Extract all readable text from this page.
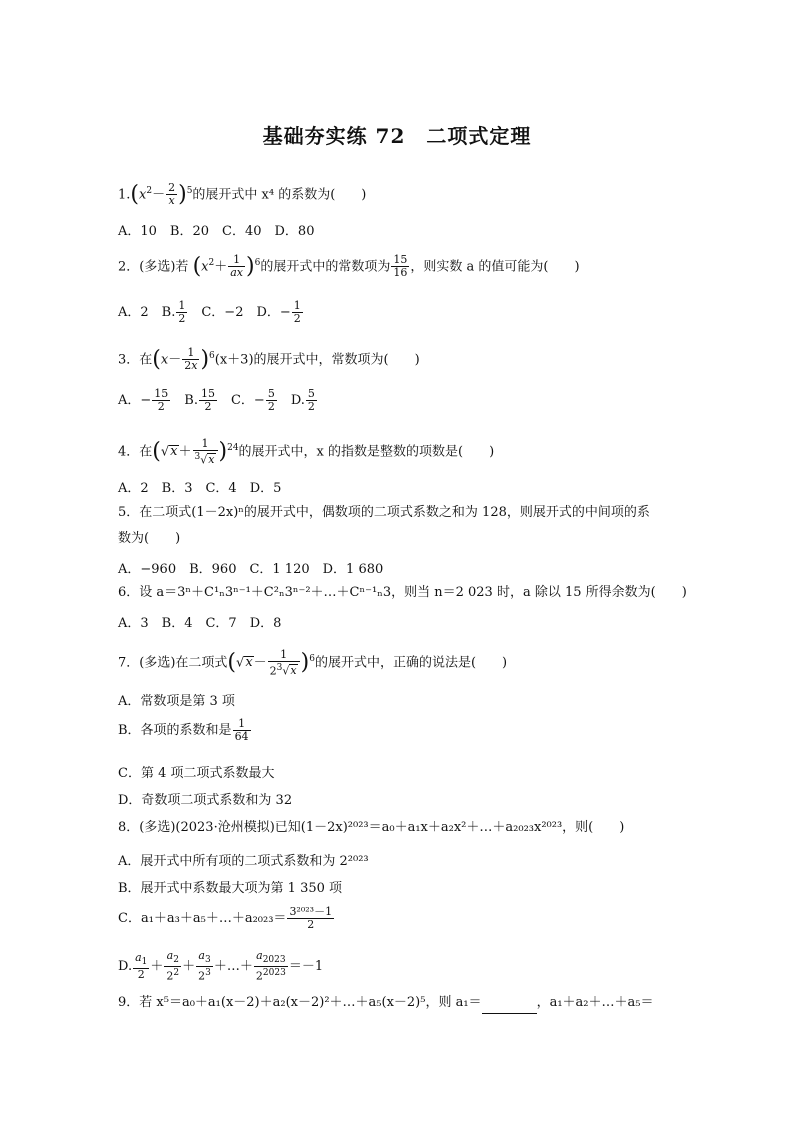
基础夯实练 72　二项式定理
$1.(x^2- \frac{2}{x} )^5$的展开式中 x⁴ 的系数为(　　)
A．10　B．20　C．40　D．80
2．(多选)若 $(x^2+ \frac{1}{ax} )^6$的展开式中的常数项为 $\frac{15}{16}$ ，则实数 a 的值可能为(　　)
A．2　B. $\frac{1}{2}$ 　C．−2　D．− $\frac{1}{2}$
3．在$(x- \frac{1}{2x} )^6(x+3)$的展开式中，常数项为(　　)
A．− $\frac{15}{2}$ 　B. $\frac{15}{2}$ 　C．− $\frac{5}{2}$ 　D. $\frac{5}{2}$
4．在$(√x+ \frac{1}{^3√x} )^{24}$的展开式中，x 的指数是整数的项数是(　　)
A．2　B．3　C．4　D．5
5．在二项式(1－2x)ⁿ的展开式中，偶数项的二项式系数之和为 128，则展开式的中间项的系
数为(　　)
A．−960　B．960　C．1 120　D．1 680
6．设 a＝3ⁿ＋C¹ₙ3ⁿ⁻¹＋C²ₙ3ⁿ⁻²＋…＋Cⁿ⁻¹ₙ3，则当 n＝2 023 时，a 除以 15 所得余数为(　　)
A．3　B．4　C．7　D．8
7．(多选)在二项式$(√x- \frac{1}{2^3√x} )^6$的展开式中，正确的说法是(　　)
A．常数项是第 3 项
B．各项的系数和是 $\frac{1}{64}$
C．第 4 项二项式系数最大
D．奇数项二项式系数和为 32
8．(多选)(2023·沧州模拟)已知(1－2x)²⁰²³＝a₀＋a₁x＋a₂x²＋…＋a₂₀₂₃x²⁰²³，则(　　)
A．展开式中所有项的二项式系数和为 2²⁰²³
B．展开式中系数最大项为第 1 350 项
C．a₁＋a₃＋a₅＋…＋a₂₀₂₃＝ $\frac{\text{3²⁰²³－1}}{2}$
D. $\frac{a_1}{2} + \frac{a_2}{2^2} + \frac{a_3}{2^3}$ ＋…＋ $\frac{a_{2023}}{2^{2023}} =-1$
9．若 x⁵＝a₀＋a₁(x－2)＋a₂(x－2)²＋…＋a₅(x－2)⁵，则 a₁＝	，a₁＋a₂＋…＋a₅＝
